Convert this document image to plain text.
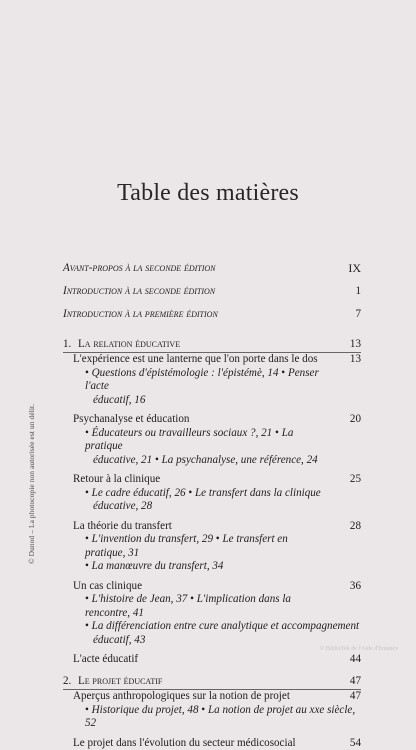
© Dunod – La photocopie non autorisée est un délit.
© BiblioTek de l'Aide d'Enfance
Table des matières
Avant-propos à la seconde édition	IX
Introduction à la seconde édition	1
Introduction à la première édition	7
1. La relation éducative	13
L'expérience est une lanterne que l'on porte dans le dos	13
• Questions d'épistémologie : l'épistémè, 14 • Penser l'acte
éducatif, 16
Psychanalyse et éducation	20
• Éducateurs ou travailleurs sociaux ?, 21 • La pratique
éducative, 21 • La psychanalyse, une référence, 24
Retour à la clinique	25
• Le cadre éducatif, 26 • Le transfert dans la clinique
éducative, 28
La théorie du transfert	28
• L'invention du transfert, 29 • Le transfert en pratique, 31
• La manœuvre du transfert, 34
Un cas clinique	36
• L'histoire de Jean, 37 • L'implication dans la rencontre, 41
• La différenciation entre cure analytique et accompagnement
éducatif, 43
L'acte éducatif	44
2. Le projet éducatif	47
Aperçus anthropologiques sur la notion de projet	47
• Historique du projet, 48 • La notion de projet au xxe siècle, 52
Le projet dans l'évolution du secteur médicosocial	54
